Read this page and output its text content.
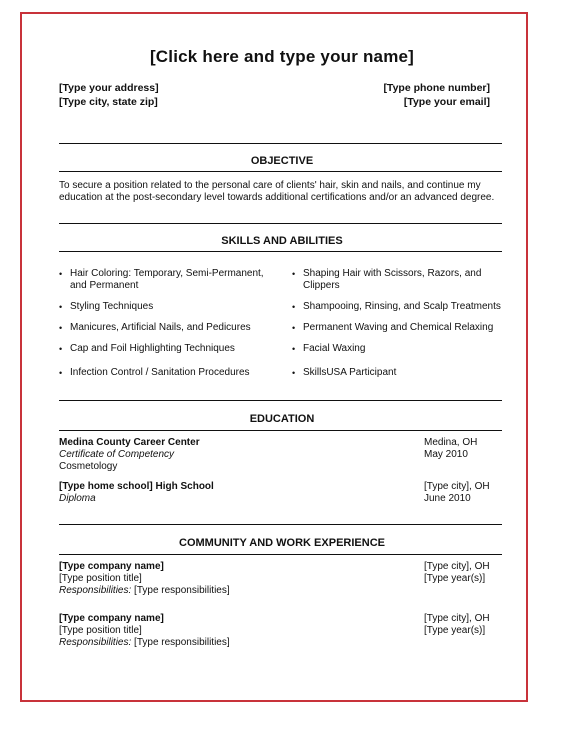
[Click here and type your name]
[Type your address]
[Type city, state zip]
[Type phone number]
[Type your email]
OBJECTIVE
To secure a position related to the personal care of clients' hair, skin and nails, and continue my
education at the post-secondary level towards additional certifications and/or an advanced degree.
SKILLS AND ABILITIES
• Hair Coloring: Temporary, Semi-Permanent,
and Permanent
• Styling Techniques
• Manicures, Artificial Nails, and Pedicures
• Cap and Foil Highlighting Techniques
• Infection Control / Sanitation Procedures
• Shaping Hair with Scissors, Razors, and
Clippers
• Shampooing, Rinsing, and Scalp Treatments
• Permanent Waving and Chemical Relaxing
• Facial Waxing
• SkillsUSA Participant
EDUCATION
Medina County Career Center	Medina, OH
Certificate of Competency	May 2010
Cosmetology
[Type home school] High School	[Type city], OH
Diploma	June 2010
COMMUNITY AND WORK EXPERIENCE
[Type company name]	[Type city], OH
[Type position title]	[Type year(s)]
Responsibilities: [Type responsibilities]
[Type company name]	[Type city], OH
[Type position title]	[Type year(s)]
Responsibilities: [Type responsibilities]
